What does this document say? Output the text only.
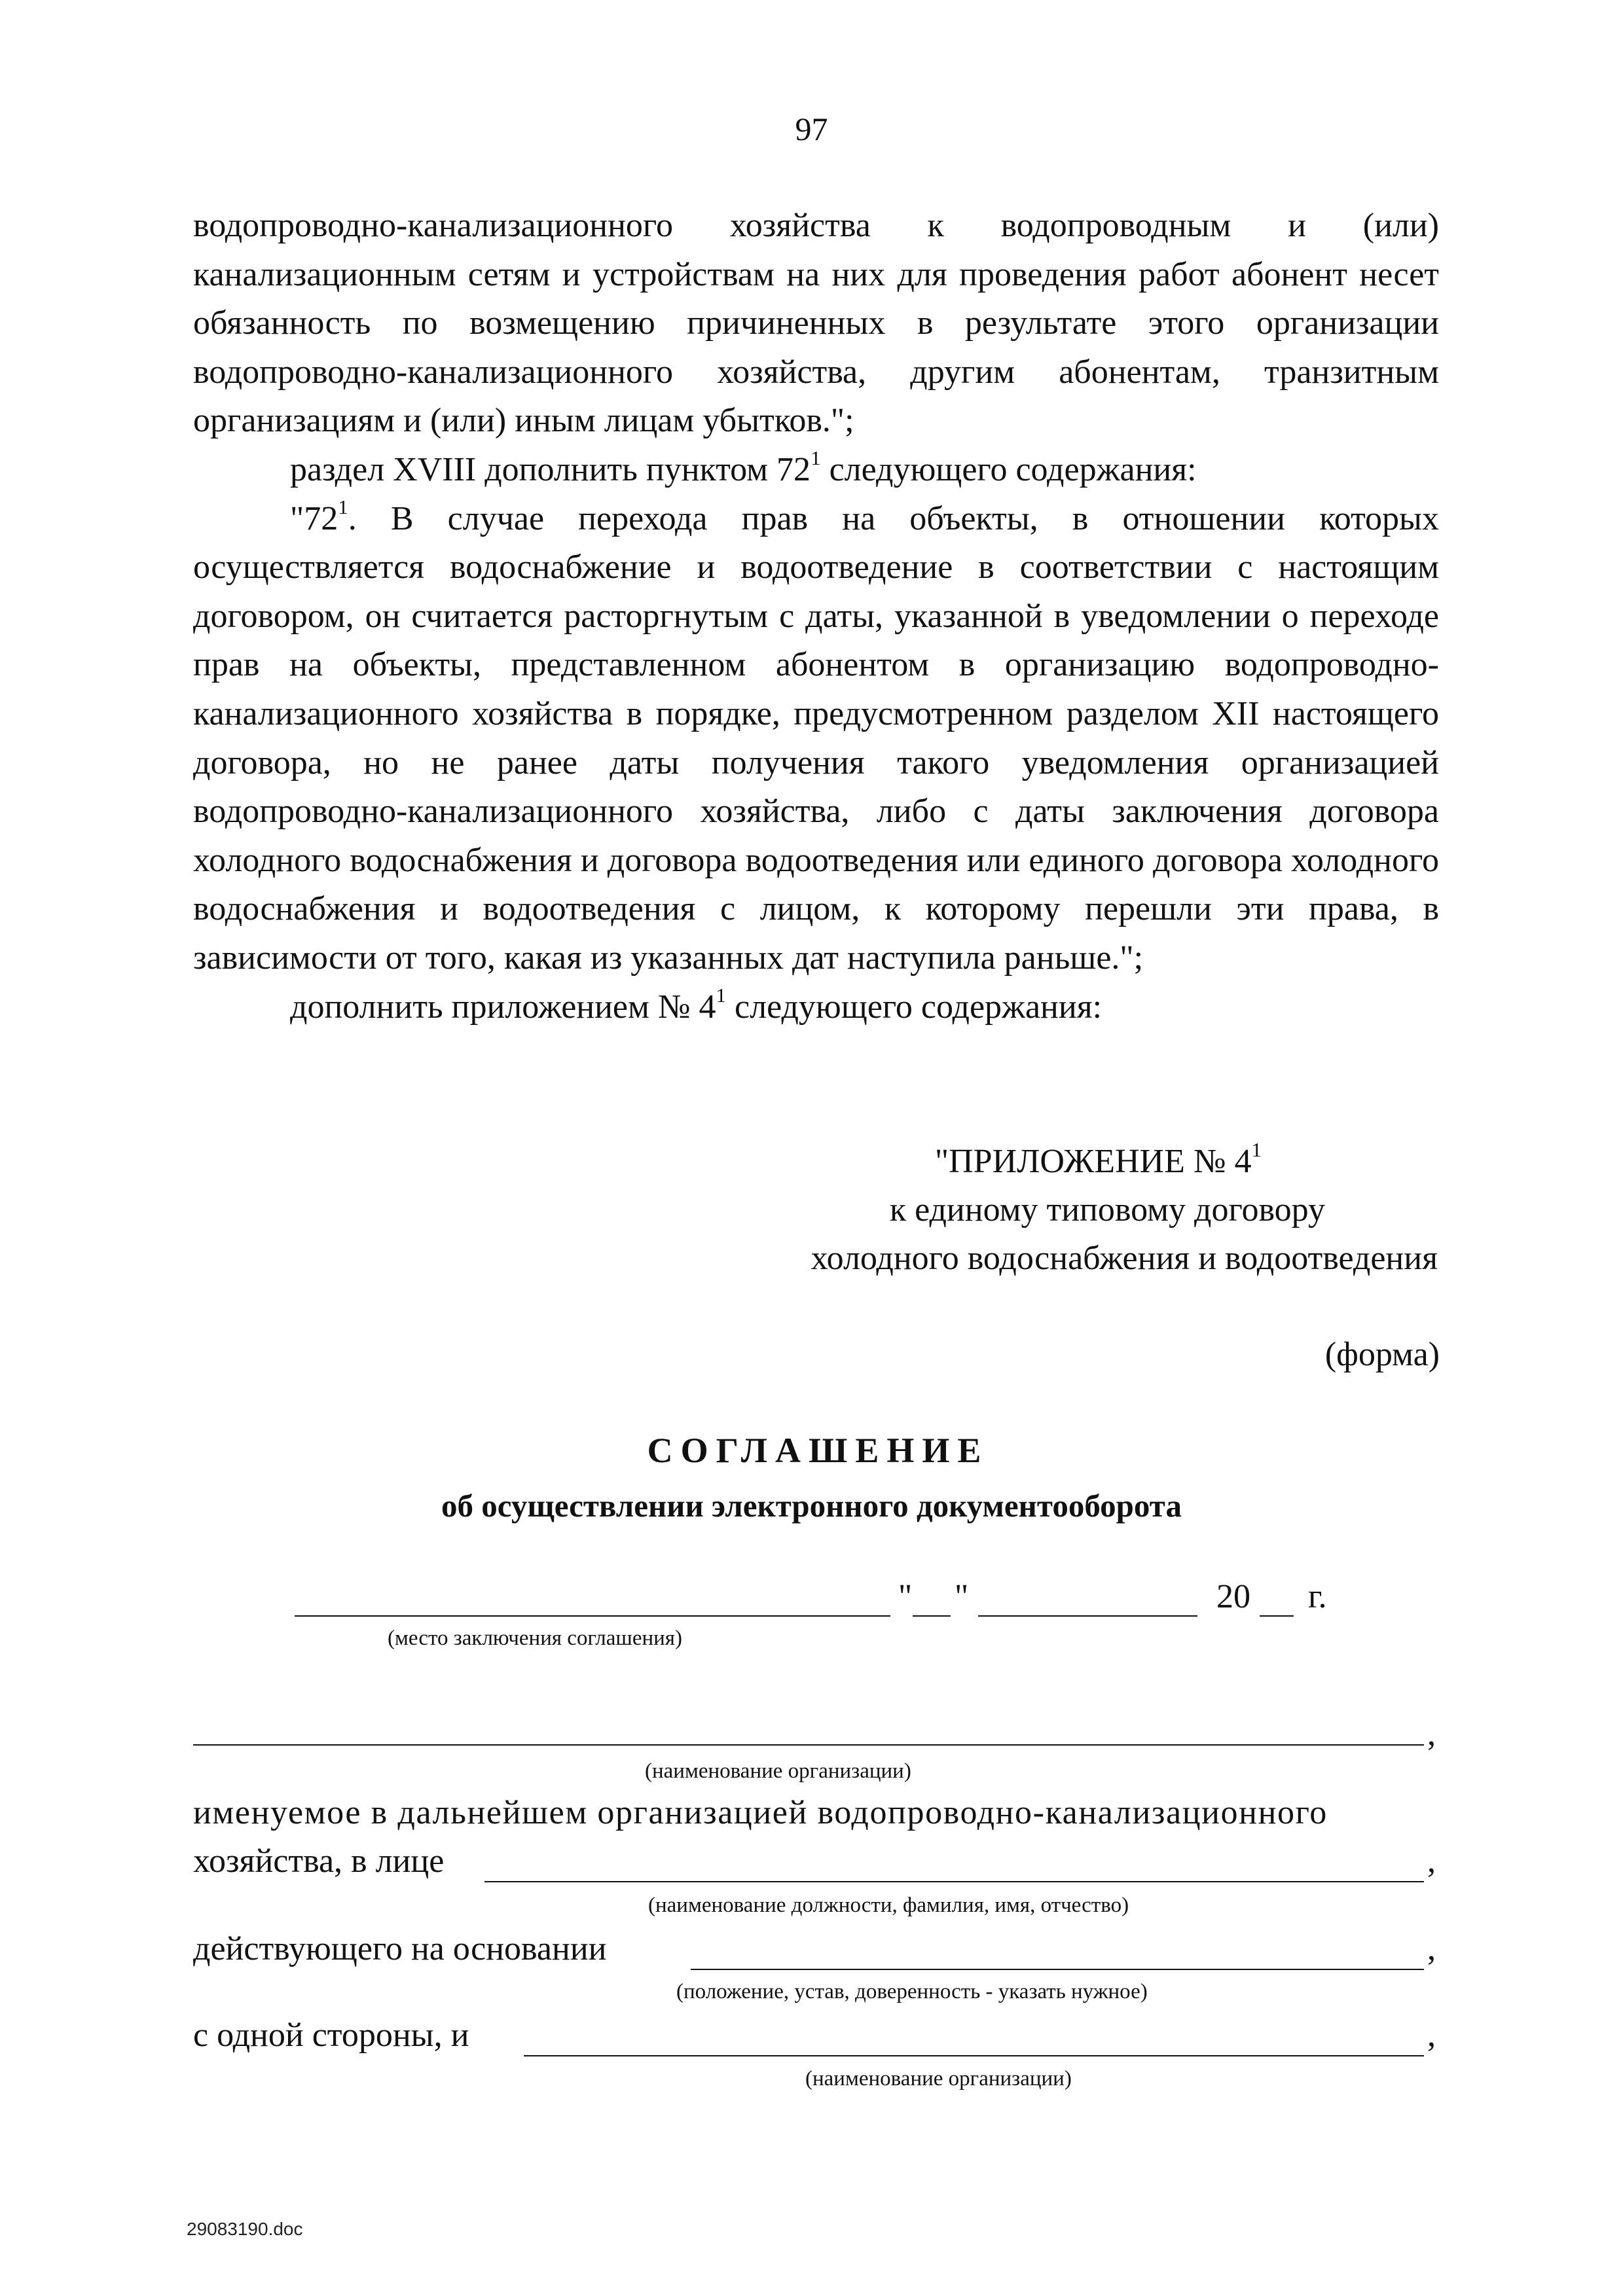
97

водопроводно-канализационного хозяйства к водопроводным и (или) канализационным сетям и устройствам на них для проведения работ абонент несет обязанность по возмещению причиненных в результате этого организации водопроводно-канализационного хозяйства, другим абонентам, транзитным организациям и (или) иным лицам убытков.";

раздел XVIII дополнить пунктом $72^1$ следующего содержания:

"$72^1$. В случае перехода прав на объекты, в отношении которых осуществляется водоснабжение и водоотведение в соответствии с настоящим договором, он считается расторгнутым с даты, указанной в уведомлении о переходе прав на объекты, представленном абонентом в организацию водопроводно-канализационного хозяйства в порядке, предусмотренном разделом XII настоящего договора, но не ранее даты получения такого уведомления организацией водопроводно-канализационного хозяйства, либо с даты заключения договора холодного водоснабжения и договора водоотведения или единого договора холодного водоснабжения и водоотведения с лицом, к которому перешли эти права, в зависимости от того, какая из указанных дат наступила раньше.";

дополнить приложением № $4^1$ следующего содержания:

"ПРИЛОЖЕНИЕ № $4^1$
к единому типовому договору
холодного водоснабжения и водоотведения
(форма)
СОГЛАШЕНИЕ
об осуществлении электронного документооборота
" "	20 г.
(место заключения соглашения)
,
(наименование организации)
именуемое в дальнейшем организацией водопроводно-канализационного
хозяйства, в лице	,
(наименование должности, фамилия, имя, отчество)
действующего на основании	,
(положение, устав, доверенность - указать нужное)
с одной стороны, и	,
(наименование организации)
29083190.doc
